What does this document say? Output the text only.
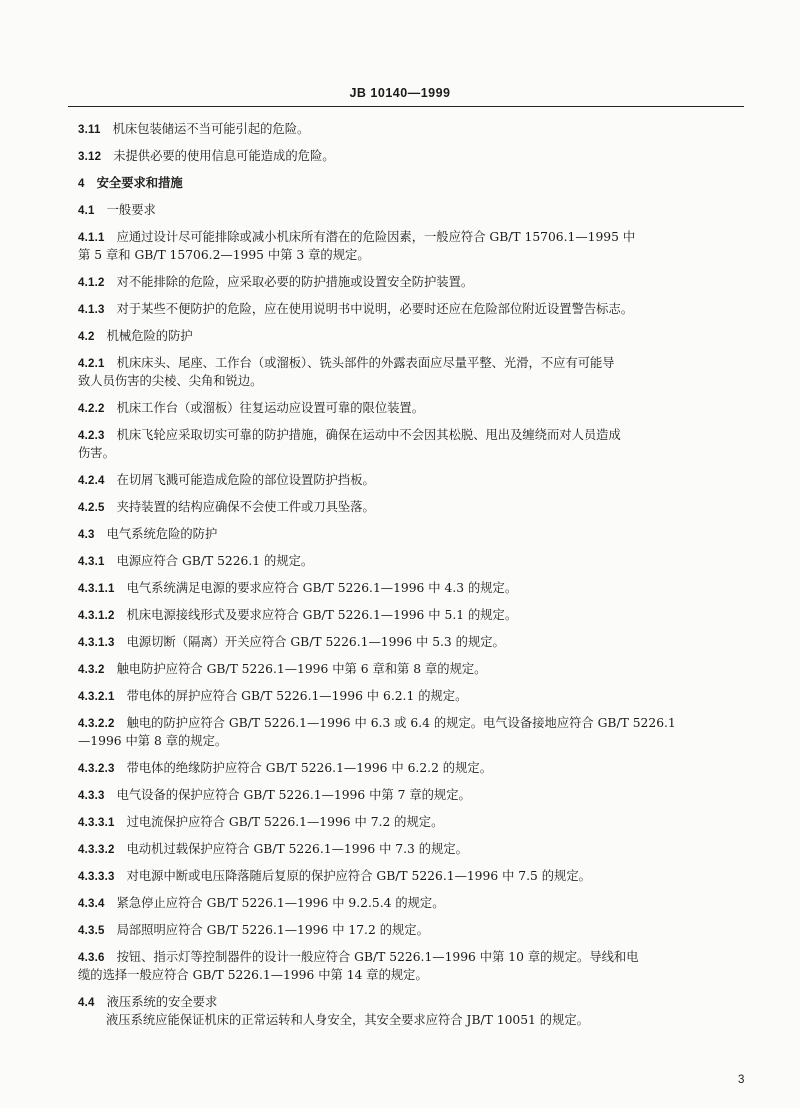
JB 10140—1999
3.11 机床包装储运不当可能引起的危险。
3.12 未提供必要的使用信息可能造成的危险。
4 安全要求和措施
4.1 一般要求
4.1.1 应通过设计尽可能排除或减小机床所有潜在的危险因素，一般应符合 GB/T 15706.1—1995 中
第 5 章和 GB/T 15706.2—1995 中第 3 章的规定。
4.1.2 对不能排除的危险，应采取必要的防护措施或设置安全防护装置。
4.1.3 对于某些不便防护的危险，应在使用说明书中说明，必要时还应在危险部位附近设置警告标志。
4.2 机械危险的防护
4.2.1 机床床头、尾座、工作台（或溜板）、铣头部件的外露表面应尽量平整、光滑，不应有可能导
致人员伤害的尖棱、尖角和锐边。
4.2.2 机床工作台（或溜板）往复运动应设置可靠的限位装置。
4.2.3 机床飞轮应采取切实可靠的防护措施，确保在运动中不会因其松脱、甩出及缠绕而对人员造成
伤害。
4.2.4 在切屑飞溅可能造成危险的部位设置防护挡板。
4.2.5 夹持装置的结构应确保不会使工件或刀具坠落。
4.3 电气系统危险的防护
4.3.1 电源应符合 GB/T 5226.1 的规定。
4.3.1.1 电气系统满足电源的要求应符合 GB/T 5226.1—1996 中 4.3 的规定。
4.3.1.2 机床电源接线形式及要求应符合 GB/T 5226.1—1996 中 5.1 的规定。
4.3.1.3 电源切断（隔离）开关应符合 GB/T 5226.1—1996 中 5.3 的规定。
4.3.2 触电防护应符合 GB/T 5226.1—1996 中第 6 章和第 8 章的规定。
4.3.2.1 带电体的屏护应符合 GB/T 5226.1—1996 中 6.2.1 的规定。
4.3.2.2 触电的防护应符合 GB/T 5226.1—1996 中 6.3 或 6.4 的规定。电气设备接地应符合 GB/T 5226.1
—1996 中第 8 章的规定。
4.3.2.3 带电体的绝缘防护应符合 GB/T 5226.1—1996 中 6.2.2 的规定。
4.3.3 电气设备的保护应符合 GB/T 5226.1—1996 中第 7 章的规定。
4.3.3.1 过电流保护应符合 GB/T 5226.1—1996 中 7.2 的规定。
4.3.3.2 电动机过载保护应符合 GB/T 5226.1—1996 中 7.3 的规定。
4.3.3.3 对电源中断或电压降落随后复原的保护应符合 GB/T 5226.1—1996 中 7.5 的规定。
4.3.4 紧急停止应符合 GB/T 5226.1—1996 中 9.2.5.4 的规定。
4.3.5 局部照明应符合 GB/T 5226.1—1996 中 17.2 的规定。
4.3.6 按钮、指示灯等控制器件的设计一般应符合 GB/T 5226.1—1996 中第 10 章的规定。导线和电
缆的选择一般应符合 GB/T 5226.1—1996 中第 14 章的规定。
4.4 液压系统的安全要求
液压系统应能保证机床的正常运转和人身安全，其安全要求应符合 JB/T 10051 的规定。
3
